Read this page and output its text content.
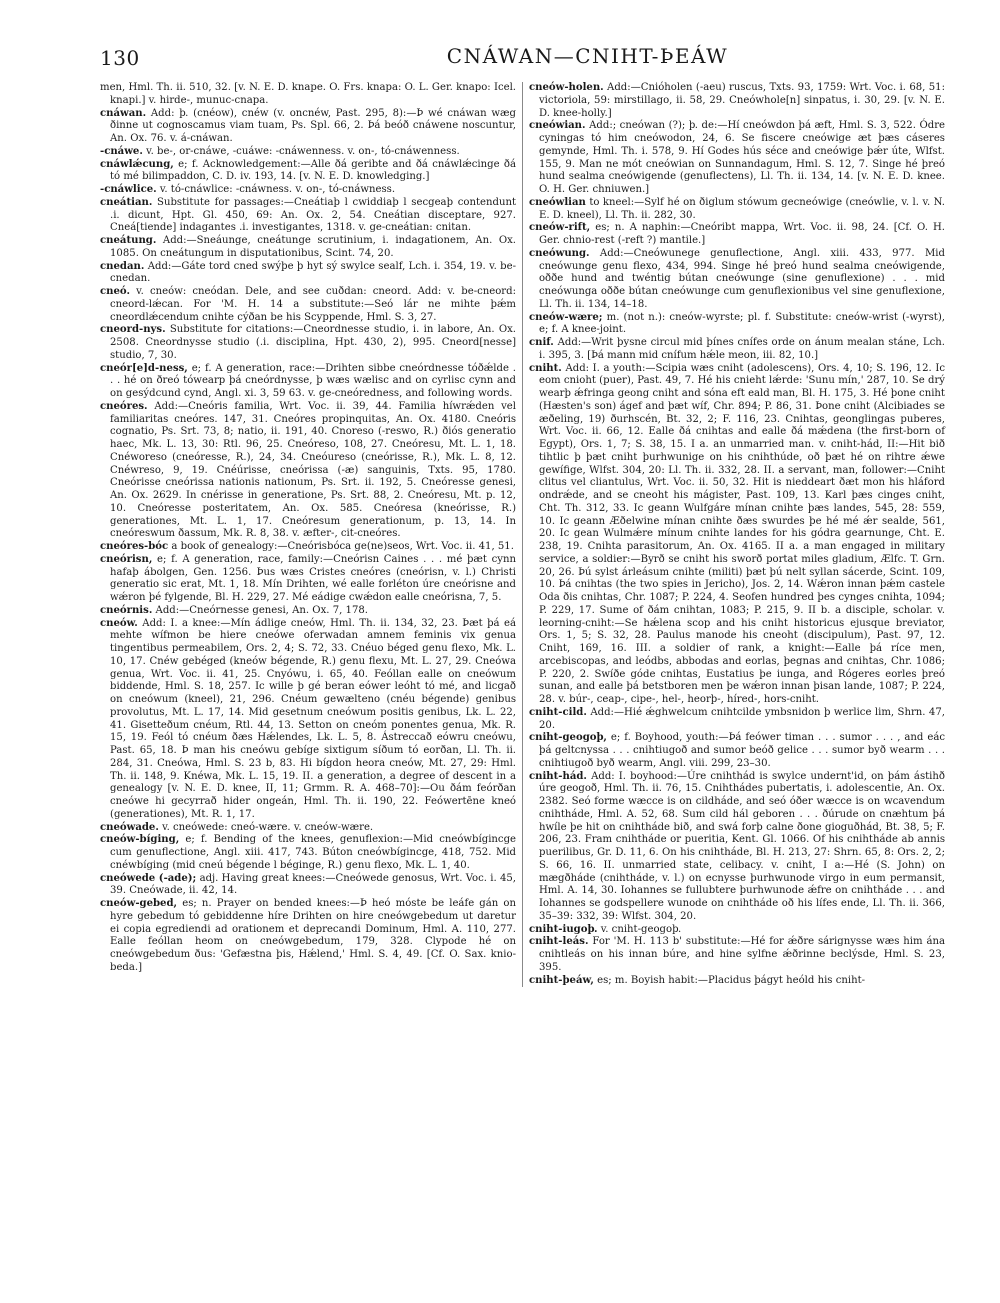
130	CNÁWAN—CNIHT-ÞEÁW

men, Hml. Th. ii. 510, 32. [v. N. E. D. knape. O. Frs. knapa: O. L. Ger. knapo: Icel. knapi.] v. hirde-, munuc-cnapa.

cnáwan. Add: þ. (cnéow), cnéw (v. oncnéw, Past. 295, 8):—Þ wé cnáwan wæg ðinne ut cognoscamus viam tuam, Ps. Spl. 66, 2. Þá beóð cnáwene noscuntur, An. Ox. 76. v. á-cnáwan.

-cnáwe. v. be-, or-cnáwe, -cuáwe: -cnáwenness. v. on-, tó-cnáwenness.

cnáwlǽcung, e; f. Acknowledgement:—Alle ðá geribte and ðá cnáwlǽcinge ðá tó mé bilimpaddon, C. D. iv. 193, 14. [v. N. E. D. knowledging.]

-cnáwlice. v. tó-cnáwlice: -cnáwness. v. on-, tó-cnáwness.

cneátian. Substitute for passages:—Cneátiaþ l cwiddiaþ l secgeaþ contendunt .i. dicunt, Hpt. Gl. 450, 69: An. Ox. 2, 54. Cneátian disceptare, 927. Cneá[tiende] indagantes .i. investigantes, 1318. v. ge-cneátian: cnitan.

cneátung. Add:—Sneáunge, cneátunge scrutinium, i. indagationem, An. Ox. 1085. On cneátungum in disputationibus, Scint. 74, 20.

cnedan. Add:—Gáte tord cned swýþe þ hyt sý swylce sealf, Lch. i. 354, 19. v. be-cnedan.

cneó. v. cneów: cneódan. Dele, and see cuðdan: cneord. Add: v. be-cneord: cneord-lǽcan. For 'M. H. 14 a substitute:—Seó lár ne mihte þǽm cneordlǽcendum cnihte cýðan be his Scyppende, Hml. S. 3, 27.

cneord-nys. Substitute for citations:—Cneordnesse studio, i. in labore, An. Ox. 2508. Cneordnysse studio (.i. disciplina, Hpt. 430, 2), 995. Cneord[nesse] studio, 7, 30.

cneór[e]d-ness, e; f. A generation, race:—Drihten sibbe cneórdnesse tóðǽlde . . . hé on ðreó tówearp þá cneórdnysse, þ wæs wælisc and on cyrlisc cynn and on gesýdcund cynd, Angl. xi. 3, 59 63. v. ge-cneóredness, and following words.

cneóres. Add:—Cneóris familia, Wrt. Voc. ii. 39, 44. Familia híwrǽden vel familiaritas cneóres. 147, 31. Cneóres propinquitas, An. Ox. 4180. Cneóris cognatio, Ps. Srt. 73, 8; natio, ii. 191, 40. Cnoreso (-reswo, R.) ðiós generatio haec, Mk. L. 13, 30: Rtl. 96, 25. Cneóreso, 108, 27. Cneóresu, Mt. L. 1, 18. Cnéworeso (cneóresse, R.), 24, 34. Cneóureso (cneórisse, R.), Mk. L. 8, 12. Cnéwreso, 9, 19. Cnéúrisse, cneórissa (-æ) sanguinis, Txts. 95, 1780. Cneórisse cneórissa nationis nationum, Ps. Srt. ii. 192, 5. Cneóresse genesi, An. Ox. 2629. In cnérisse in generatione, Ps. Srt. 88, 2. Cneóresu, Mt. p. 12, 10. Cneóresse posteritatem, An. Ox. 585. Cneóresa (kneórisse, R.) generationes, Mt. L. 1, 17. Cneóresum generationum, p. 13, 14. In cneóreswum ðassum, Mk. R. 8, 38. v. æfter-, cit-cneóres.

cneóres-bóc a book of genealogy:—Cneórisbóca ge(ne)seos, Wrt. Voc. ii. 41, 51.

cneórisn, e; f. A generation, race, family:—Cneórisn Caines . . . mé þæt cynn hafaþ ábolgen, Gen. 1256. Þus wæs Cristes cneóres (cneórisn, v. l.) Christi generatio sic erat, Mt. 1, 18. Mín Drihten, wé ealle forléton úre cneórisne and wǽron þé fylgende, Bl. H. 229, 27. Mé eádige cwǽdon ealle cneórisna, 7, 5.

cneórnis. Add:—Cneórnesse genesi, An. Ox. 7, 178.

cneów. Add: I. a knee:—Mín ádlige cneów, Hml. Th. ii. 134, 32, 23. Þæt þá eá mehte wífmon be hiere cneówe oferwadan amnem feminis vix genua tingentibus permeabilem, Ors. 2, 4; S. 72, 33. Cnéuo béged genu flexo, Mk. L. 10, 17. Cnéw gebéged (kneów bégende, R.) genu flexu, Mt. L. 27, 29. Cneówa genua, Wrt. Voc. ii. 41, 25. Cnyówu, i. 65, 40. Feóllan ealle on cneówum biddende, Hml. S. 18, 257. Ic wille þ gé beran eówer leóht tó mé, and licgað on cneówum (kneel), 21, 296. Cnéum gewælteno (cnéu bégende) genibus provolutus, Mt. L. 17, 14. Mid gesetnum cneówum positis genibus, Lk. L. 22, 41. Gisetteðum cnéum, Rtl. 44, 13. Setton on cneóm ponentes genua, Mk. R. 15, 19. Feól tó cnéum ðæs Hǽlendes, Lk. L. 5, 8. Ástreccað eówru cneówu, Past. 65, 18. Þ man his cneówu gebíge sixtigum síðum tó eorðan, Ll. Th. ii. 284, 31. Cneówa, Hml. S. 23 b, 83. Hi bígdon heora cneów, Mt. 27, 29: Hml. Th. ii. 148, 9. Knéwa, Mk. L. 15, 19. II. a generation, a degree of descent in a genealogy [v. N. E. D. knee, II, 11; Grmm. R. A. 468–70]:—Ou ðám feórðan cneówe hi gecyrrað hider ongeán, Hml. Th. ii. 190, 22. Feówertēne kneó (generationes), Mt. R. 1, 17.

cneówade. v. cneówede: cneó-wære. v. cneów-wære.

cneów-bíging, e; f. Bending of the knees, genuflexion:—Mid cneówbígincge cum genuflectione, Angl. xiii. 417, 743. Búton cneówbígincge, 418, 752. Mid cnéwbíging (mid cneú bégende l béginge, R.) genu flexo, Mk. L. 1, 40.

cneówede (-ade); adj. Having great knees:—Cneówede genosus, Wrt. Voc. i. 45, 39. Cneówade, ii. 42, 14.

cneów-gebed, es; n. Prayer on bended knees:—Þ heó móste be leáfe gán on hyre gebedum tó gebiddenne híre Drihten on hire cneówgebedum ut daretur ei copia egrediendi ad orationem et deprecandi Dominum, Hml. A. 110, 277. Ealle feóllan heom on cneówgebedum, 179, 328. Clypode hé on cneówgebedum ðus: 'Gefæstna þis, Hǽlend,' Hml. S. 4, 49. [Cf. O. Sax. knio-beda.]

cneów-holen. Add:—Cnióholen (-aeu) ruscus, Txts. 93, 1759: Wrt. Voc. i. 68, 51: victoriola, 59: mirstillago, ii. 58, 29. Cneówhole[n] sinpatus, i. 30, 29. [v. N. E. D. knee-holly.]

cneówian. Add:; cneówan (?); þ. de:—Hí cneówdon þá æft, Hml. S. 3, 522. Ódre cyningas tó him cneówodon, 24, 6. Se fiscere cneówige æt þæs cáseres gemynde, Hml. Th. i. 578, 9. Hí Godes hús séce and cneówige þǽr úte, Wlfst. 155, 9. Man ne mót cneówian on Sunnandagum, Hml. S. 12, 7. Singe hé þreó hund sealma cneówigende (genuflectens), Ll. Th. ii. 134, 14. [v. N. E. D. knee. O. H. Ger. chniuwen.]

cneówlian to kneel:—Sylf hé on ðiglum stówum gecneówige (cneówlie, v. l. v. N. E. D. kneel), Ll. Th. ii. 282, 30.

cneów-rift, es; n. A naphin:—Cneóribt mappa, Wrt. Voc. ii. 98, 24. [Cf. O. H. Ger. chnio-rest (-reft ?) mantile.]

cneówung. Add:—Cneówunege genuflectione, Angl. xiii. 433, 977. Mid cneówunge genu flexo, 434, 994. Singe hé þreó hund sealma cneówigende, oððe hund and twéntig bútan cneówunge (sine genuflexione) . . . mid cneówunga oððe bútan cneówunge cum genuflexionibus vel sine genuflexione, Ll. Th. ii. 134, 14–18.

cneów-wære; m. (not n.): cneów-wyrste; pl. f. Substitute: cneów-wrist (-wyrst), e; f. A knee-joint.

cnif. Add:—Writ þysne circul mid þínes cnífes orde on ánum mealan stáne, Lch. i. 395, 3. [Þá mann mid cnífum hǽle meon, iii. 82, 10.]

cniht. Add: I. a youth:—Scipia wæs cniht (adolescens), Ors. 4, 10; S. 196, 12. Ic eom cnioht (puer), Past. 49, 7. Hé his cnieht lǽrde: 'Sunu mín,' 287, 10. Se drý wearþ ǽfringa geong cniht and sóna eft eald man, Bl. H. 175, 3. Hé þone cniht (Hæsten's son) ágef and þæt wíf, Chr. 894; P. 86, 31. Þone cniht (Alcibiades se æðeling, 19) ðurhscén, Bt. 32, 2; F. 116, 23. Cnihtas, geonglingas puberes, Wrt. Voc. ii. 66, 12. Ealle ðá cnihtas and ealle ðá mǽdena (the first-born of Egypt), Ors. 1, 7; S. 38, 15. I a. an unmarried man. v. cniht-hád, II:—Hit bið tihtlic þ þæt cniht þurhwunige on his cnihthúde, oð þæt hé on rihtre ǽwe gewífige, Wlfst. 304, 20: Ll. Th. ii. 332, 28. II. a servant, man, follower:—Cniht clitus vel cliantulus, Wrt. Voc. ii. 50, 32. Hit is nieddeart ðæt mon his hláford ondrǽde, and se cneoht his mágister, Past. 109, 13. Karl þæs cinges cniht, Cht. Th. 312, 33. Ic geann Wulfgáre mínan cnihte þæs landes, 545, 28: 559, 10. Ic geann Æðelwine mínan cnihte ðæs swurdes þe hé mé ǽr sealde, 561, 20. Ic gean Wulmǽre mínum cnihte landes for his gódra gearnunge, Cht. E. 238, 19. Cnihta parasitorum, An. Ox. 4165. II a. a man engaged in military service, a soldier:—Byrð se cniht his sworð portat miles gladium, Ælfc. T. Grn. 20, 26. Þú sylst árleásum cnihte (militi) þæt þú nelt syllan sácerde, Scint. 109, 10. Þá cnihtas (the two spies in Jericho), Jos. 2, 14. Wǽron innan þǽm castele Oda ðis cnihtas, Chr. 1087; P. 224, 4. Seofen hundred þes cynges cnihta, 1094; P. 229, 17. Sume of ðám cnihtan, 1083; P. 215, 9. II b. a disciple, scholar. v. leorning-cniht:—Se hǽlena scop and his cniht historicus ejusque breviator, Ors. 1, 5; S. 32, 28. Paulus manode his cneoht (discipulum), Past. 97, 12. Cniht, 169, 16. III. a soldier of rank, a knight:—Ealle þá ríce men, arcebiscopas, and leódbs, abbodas and eorlas, þegnas and cnihtas, Chr. 1086; P. 220, 2. Swíðe góde cnihtas, Eustatius þe iunga, and Rógeres eorles þreó sunan, and ealle þá betstboren men þe wǽron innan þisan lande, 1087; P. 224, 28. v. búr-, ceap-, cipe-, hel-, heorþ-, híred-, hors-cniht.

cniht-cild. Add:—Hié ǽghwelcum cnihtcilde ymbsnidon þ werlice lim, Shrn. 47, 20.

cniht-geogoþ, e; f. Boyhood, youth:—Þá feówer timan . . . sumor . . . , and eác þá geltcnyssa . . . cnihtiugoð and sumor beóð gelice . . . sumor byð wearm . . . cnihtiugoð byð wearm, Angl. viii. 299, 23–30.

cniht-hád. Add: I. boyhood:—Úre cnihthád is swylce undernt'id, on þám ástihð úre geogoð, Hml. Th. ii. 76, 15. Cnihthádes pubertatis, i. adolescentie, An. Ox. 2382. Seó forme wæcce is on cildháde, and seó óðer wæcce is on wcavendum cnihtháde, Hml. A. 52, 68. Sum cild hál geboren . . . ðúrude on cnæhtum þá hwíle þe hit on cnihtháde bið, and swá forþ calne ðone gioguðhád, Bt. 38, 5; F. 206, 23. Fram cnihtháde or pueritia, Kent. Gl. 1066. Of his cnihtháde ab annis puerilibus, Gr. D. 11, 6. On his cnihtháde, Bl. H. 213, 27: Shrn. 65, 8: Ors. 2, 2; S. 66, 16. II. unmarried state, celibacy. v. cniht, I a:—Hé (S. John) on mægðháde (cnihtháde, v. l.) on ecnysse þurhwunode virgo in eum permansit, Hml. A. 14, 30. Iohannes se fullubtere þurhwunode ǽfre on cnihtháde . . . and Iohannes se godspellere wunode on cnihtháde oð his lífes ende, Ll. Th. ii. 366, 35–39: 332, 39: Wlfst. 304, 20.

cniht-iugoþ. v. cniht-geogoþ.

cniht-leás. For 'M. H. 113 b' substitute:—Hé for ǽðre sárignysse wæs him ána cnihtleás on his innan búre, and hine sylfne ǽðrinne beclýsde, Hml. S. 23, 395.

cniht-þeáw, es; m. Boyish habit:—Placidus þágyt heóld his cniht-
